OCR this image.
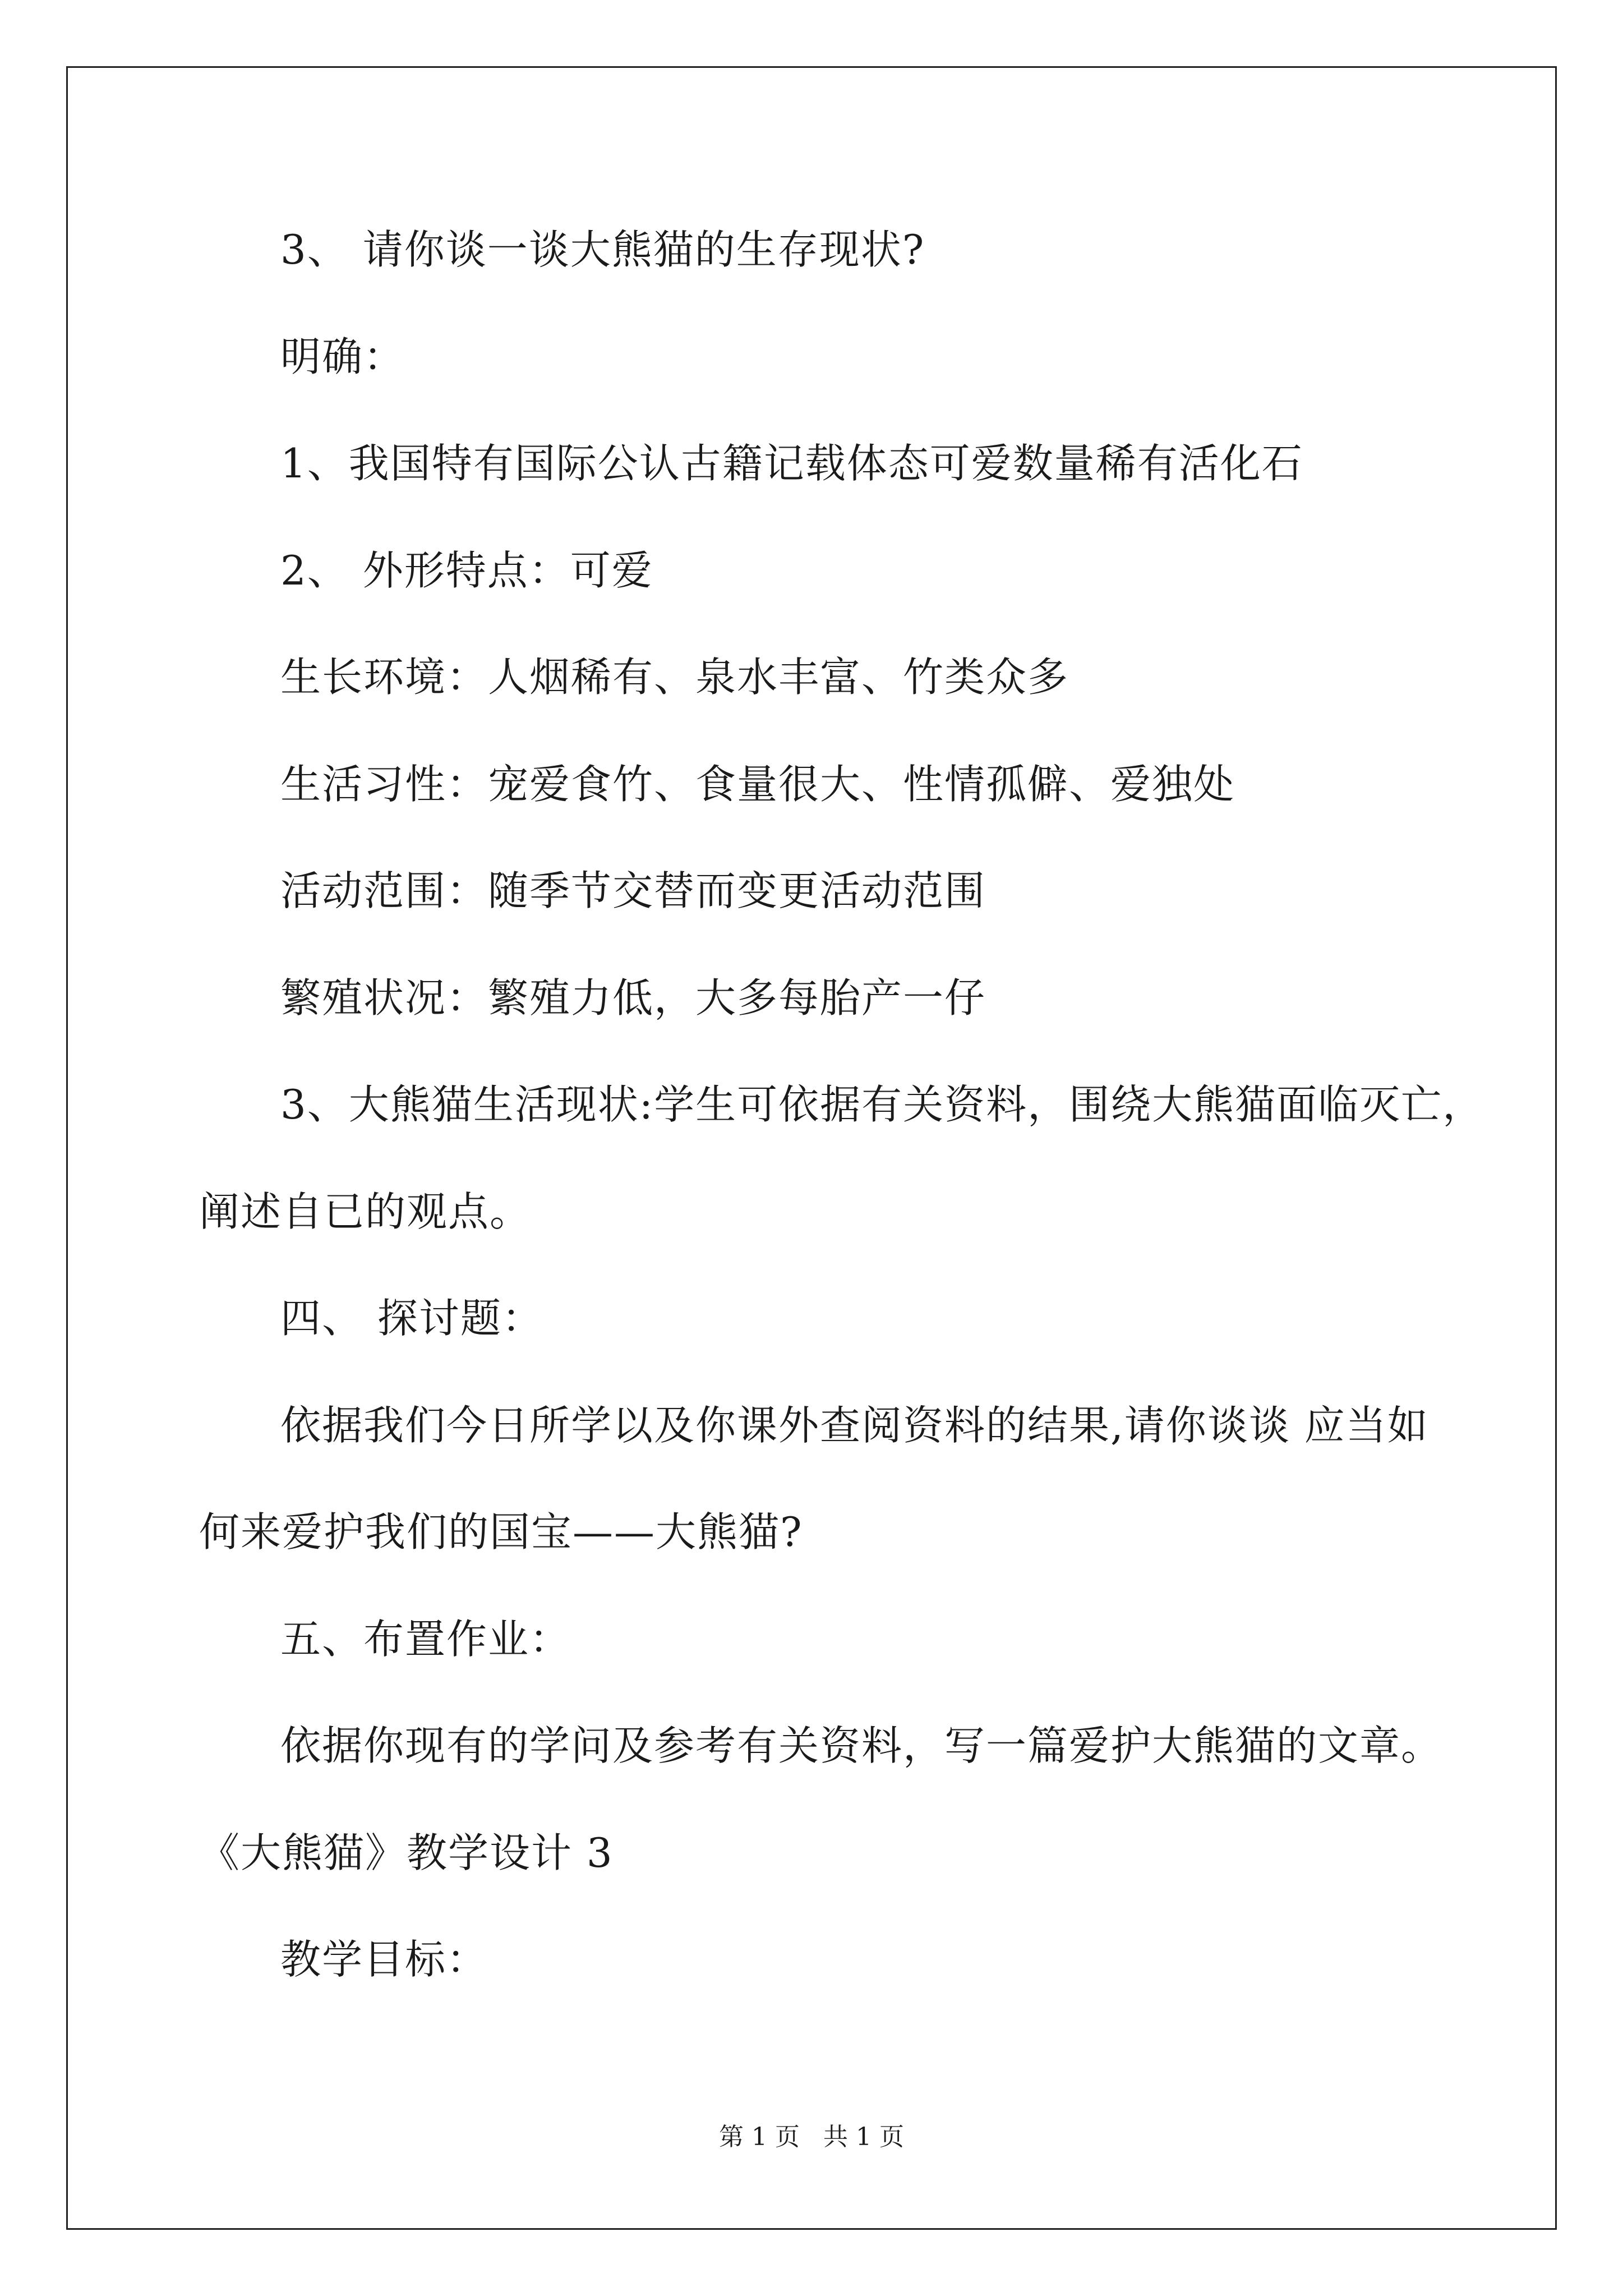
3、 请你谈一谈大熊猫的生存现状?
明确：
1、我国特有国际公认古籍记载体态可爱数量稀有活化石
2、 外形特点：可爱
生长环境：人烟稀有、泉水丰富、竹类众多
生活习性：宠爱食竹、食量很大、性情孤僻、爱独处
活动范围：随季节交替而变更活动范围
繁殖状况：繁殖力低，大多每胎产一仔
3、大熊猫生活现状:学生可依据有关资料，围绕大熊猫面临灭亡，
阐述自已的观点。
四、 探讨题：
依据我们今日所学以及你课外查阅资料的结果,请你谈谈 应当如
何来爱护我们的国宝——大熊猫?
五、布置作业：
依据你现有的学问及参考有关资料，写一篇爱护大熊猫的文章。
《大熊猫》教学设计 3
教学目标：
第 1 页   共 1 页
